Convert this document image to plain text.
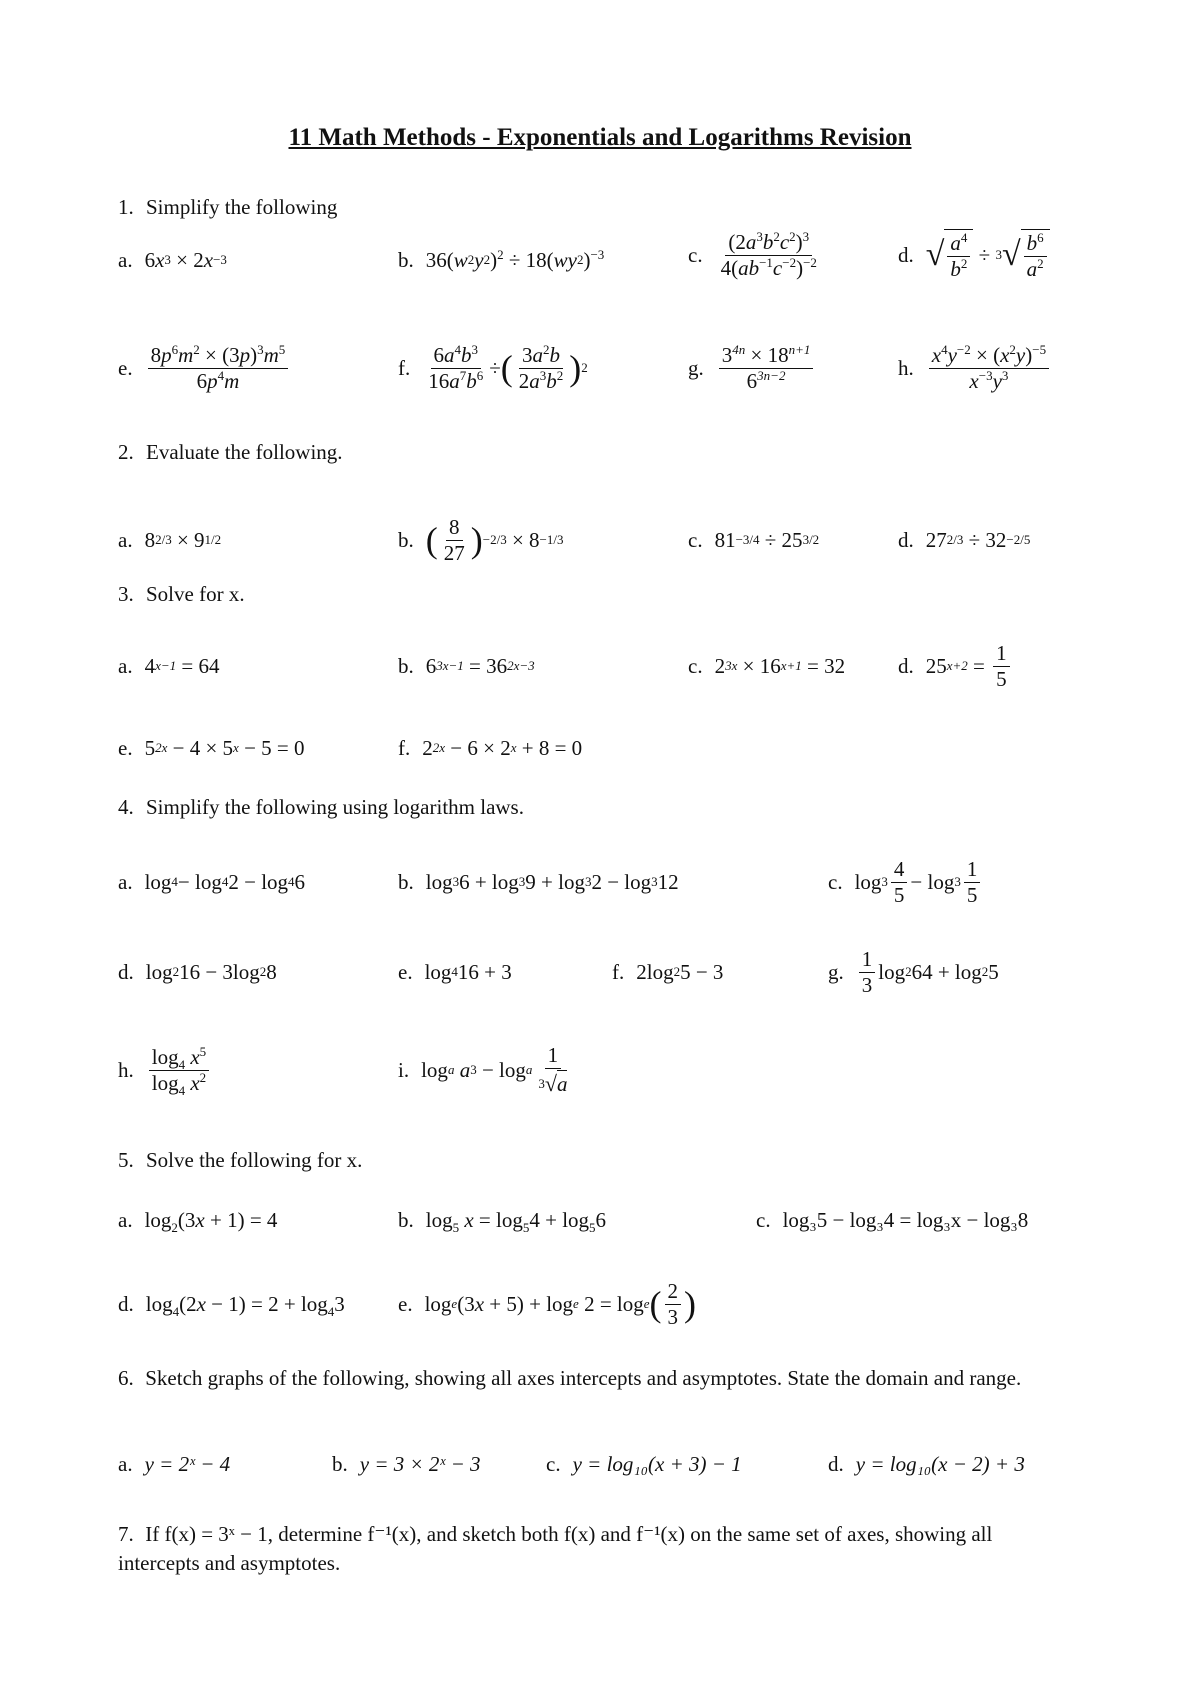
11 Math Methods - Exponentials and Logarithms Revision
1. Simplify the following
a. 6 x 3
×
2 x −3	b. 36( w 2 y 2 )$^2$ ÷ 18( wy 2 )$^{-3}$	c. $\frac{(2a^3b^2c^2)^3}{4(ab^{-1}c^{-2})^{-2}}$	d. √ $\frac{a^4}{b^2} \div 3$ √ $\frac{b^6}{a^2}$
e. $\frac{8p^6m^2 \times (3p)^3m^5}{6p^4m}$	f. $\frac{6a^4b^3}{16a^7b^6}$ ÷ ( $\frac{3a^2b}{2a^3b^2}$ ) 2	g. $\frac{3^{4n} \times 18^{n+1}}{6^{3n-2}}$	h. $\frac{x^4y^{-2} \times (x^2y)^{-5}}{x^{-3}y^3}$
2. Evaluate the following.
a. 8 2/3 × 9 1/2	b. ( $\frac{8}{27}$ ) −2/3 × 8 −1/3	c. 81 −3/4 ÷ 25 3/2	d. 27 2/3 ÷ 32 −2/5
3. Solve for x.
a. 4 x−1 = 64	b. 6 3x−1 = 36 2x−3	c. 2 3x × 16 x+1 = 32	d. 25 $x+2 = \frac{1}{5}$
e. 5 2x − 4 × 5 x − 5 = 0	f. 2 2x − 6 × 2 x + 8 = 0
4. Simplify the following using logarithm laws.
a. log 4 − log 4 2 − log 4 6	b. log 3 6 + log 3 9 + log 3 2 − log 3 12	c. $\log 3 \frac{4}{5} - \log 3 \frac{1}{5}$
d. log 2 16 − 3log 2 8	e. log 4 16 + 3	f. 2log 2 5 − 3	g. $\frac{1}{3}$ log 2 64 + log 2 5
h. $\frac{\log_4 x^5}{\log_4 x^2}$	i. log a a 3 − log a $\frac{1}{3 √ a}$
5. Solve the following for x.
a. $\log_2(3$ x + 1) = 4	b. $\log_5 x = \log_54 + \log_56$	c. log₃5 − log₃4 = log₃x − log₃8
d. $\log_4(2$ $x - 1) = 2 + \log_43$	e. log e (3 x + 5) + log e 2 = log e ( $\frac{2}{3}$ )
6. Sketch graphs of the following, showing all axes intercepts and asymptotes. State the domain and range.
a. y = 2ˣ − 4	b. y = 3 × 2ˣ − 3	c. y = log₁₀(x + 3) − 1	d. y = log₁₀(x − 2) + 3
7. If f(x) = 3ˣ − 1, determine f⁻¹(x), and sketch both f(x) and f⁻¹(x) on the same set of axes, showing all intercepts and asymptotes.
